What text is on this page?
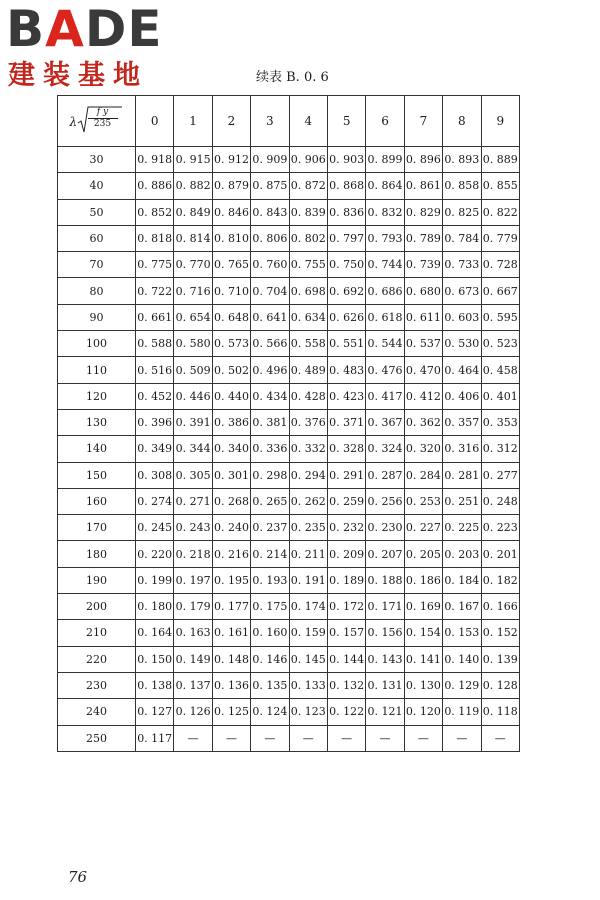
BADE
建装基地	续表 B. 0. 6
λ $\frac{\text{f y}}{235}$	0	1	2	3	4	5	6	7	8	9
30	0. 918	0. 915	0. 912	0. 909	0. 906	0. 903	0. 899	0. 896	0. 893	0. 889
40	0. 886	0. 882	0. 879	0. 875	0. 872	0. 868	0. 864	0. 861	0. 858	0. 855
50	0. 852	0. 849	0. 846	0. 843	0. 839	0. 836	0. 832	0. 829	0. 825	0. 822
60	0. 818	0. 814	0. 810	0. 806	0. 802	0. 797	0. 793	0. 789	0. 784	0. 779
70	0. 775	0. 770	0. 765	0. 760	0. 755	0. 750	0. 744	0. 739	0. 733	0. 728
80	0. 722	0. 716	0. 710	0. 704	0. 698	0. 692	0. 686	0. 680	0. 673	0. 667
90	0. 661	0. 654	0. 648	0. 641	0. 634	0. 626	0. 618	0. 611	0. 603	0. 595
100	0. 588	0. 580	0. 573	0. 566	0. 558	0. 551	0. 544	0. 537	0. 530	0. 523
110	0. 516	0. 509	0. 502	0. 496	0. 489	0. 483	0. 476	0. 470	0. 464	0. 458
120	0. 452	0. 446	0. 440	0. 434	0. 428	0. 423	0. 417	0. 412	0. 406	0. 401
130	0. 396	0. 391	0. 386	0. 381	0. 376	0. 371	0. 367	0. 362	0. 357	0. 353
140	0. 349	0. 344	0. 340	0. 336	0. 332	0. 328	0. 324	0. 320	0. 316	0. 312
150	0. 308	0. 305	0. 301	0. 298	0. 294	0. 291	0. 287	0. 284	0. 281	0. 277
160	0. 274	0. 271	0. 268	0. 265	0. 262	0. 259	0. 256	0. 253	0. 251	0. 248
170	0. 245	0. 243	0. 240	0. 237	0. 235	0. 232	0. 230	0. 227	0. 225	0. 223
180	0. 220	0. 218	0. 216	0. 214	0. 211	0. 209	0. 207	0. 205	0. 203	0. 201
190	0. 199	0. 197	0. 195	0. 193	0. 191	0. 189	0. 188	0. 186	0. 184	0. 182
200	0. 180	0. 179	0. 177	0. 175	0. 174	0. 172	0. 171	0. 169	0. 167	0. 166
210	0. 164	0. 163	0. 161	0. 160	0. 159	0. 157	0. 156	0. 154	0. 153	0. 152
220	0. 150	0. 149	0. 148	0. 146	0. 145	0. 144	0. 143	0. 141	0. 140	0. 139
230	0. 138	0. 137	0. 136	0. 135	0. 133	0. 132	0. 131	0. 130	0. 129	0. 128
240	0. 127	0. 126	0. 125	0. 124	0. 123	0. 122	0. 121	0. 120	0. 119	0. 118
250	0. 117	—	—	—	—	—	—	—	—	—
76
